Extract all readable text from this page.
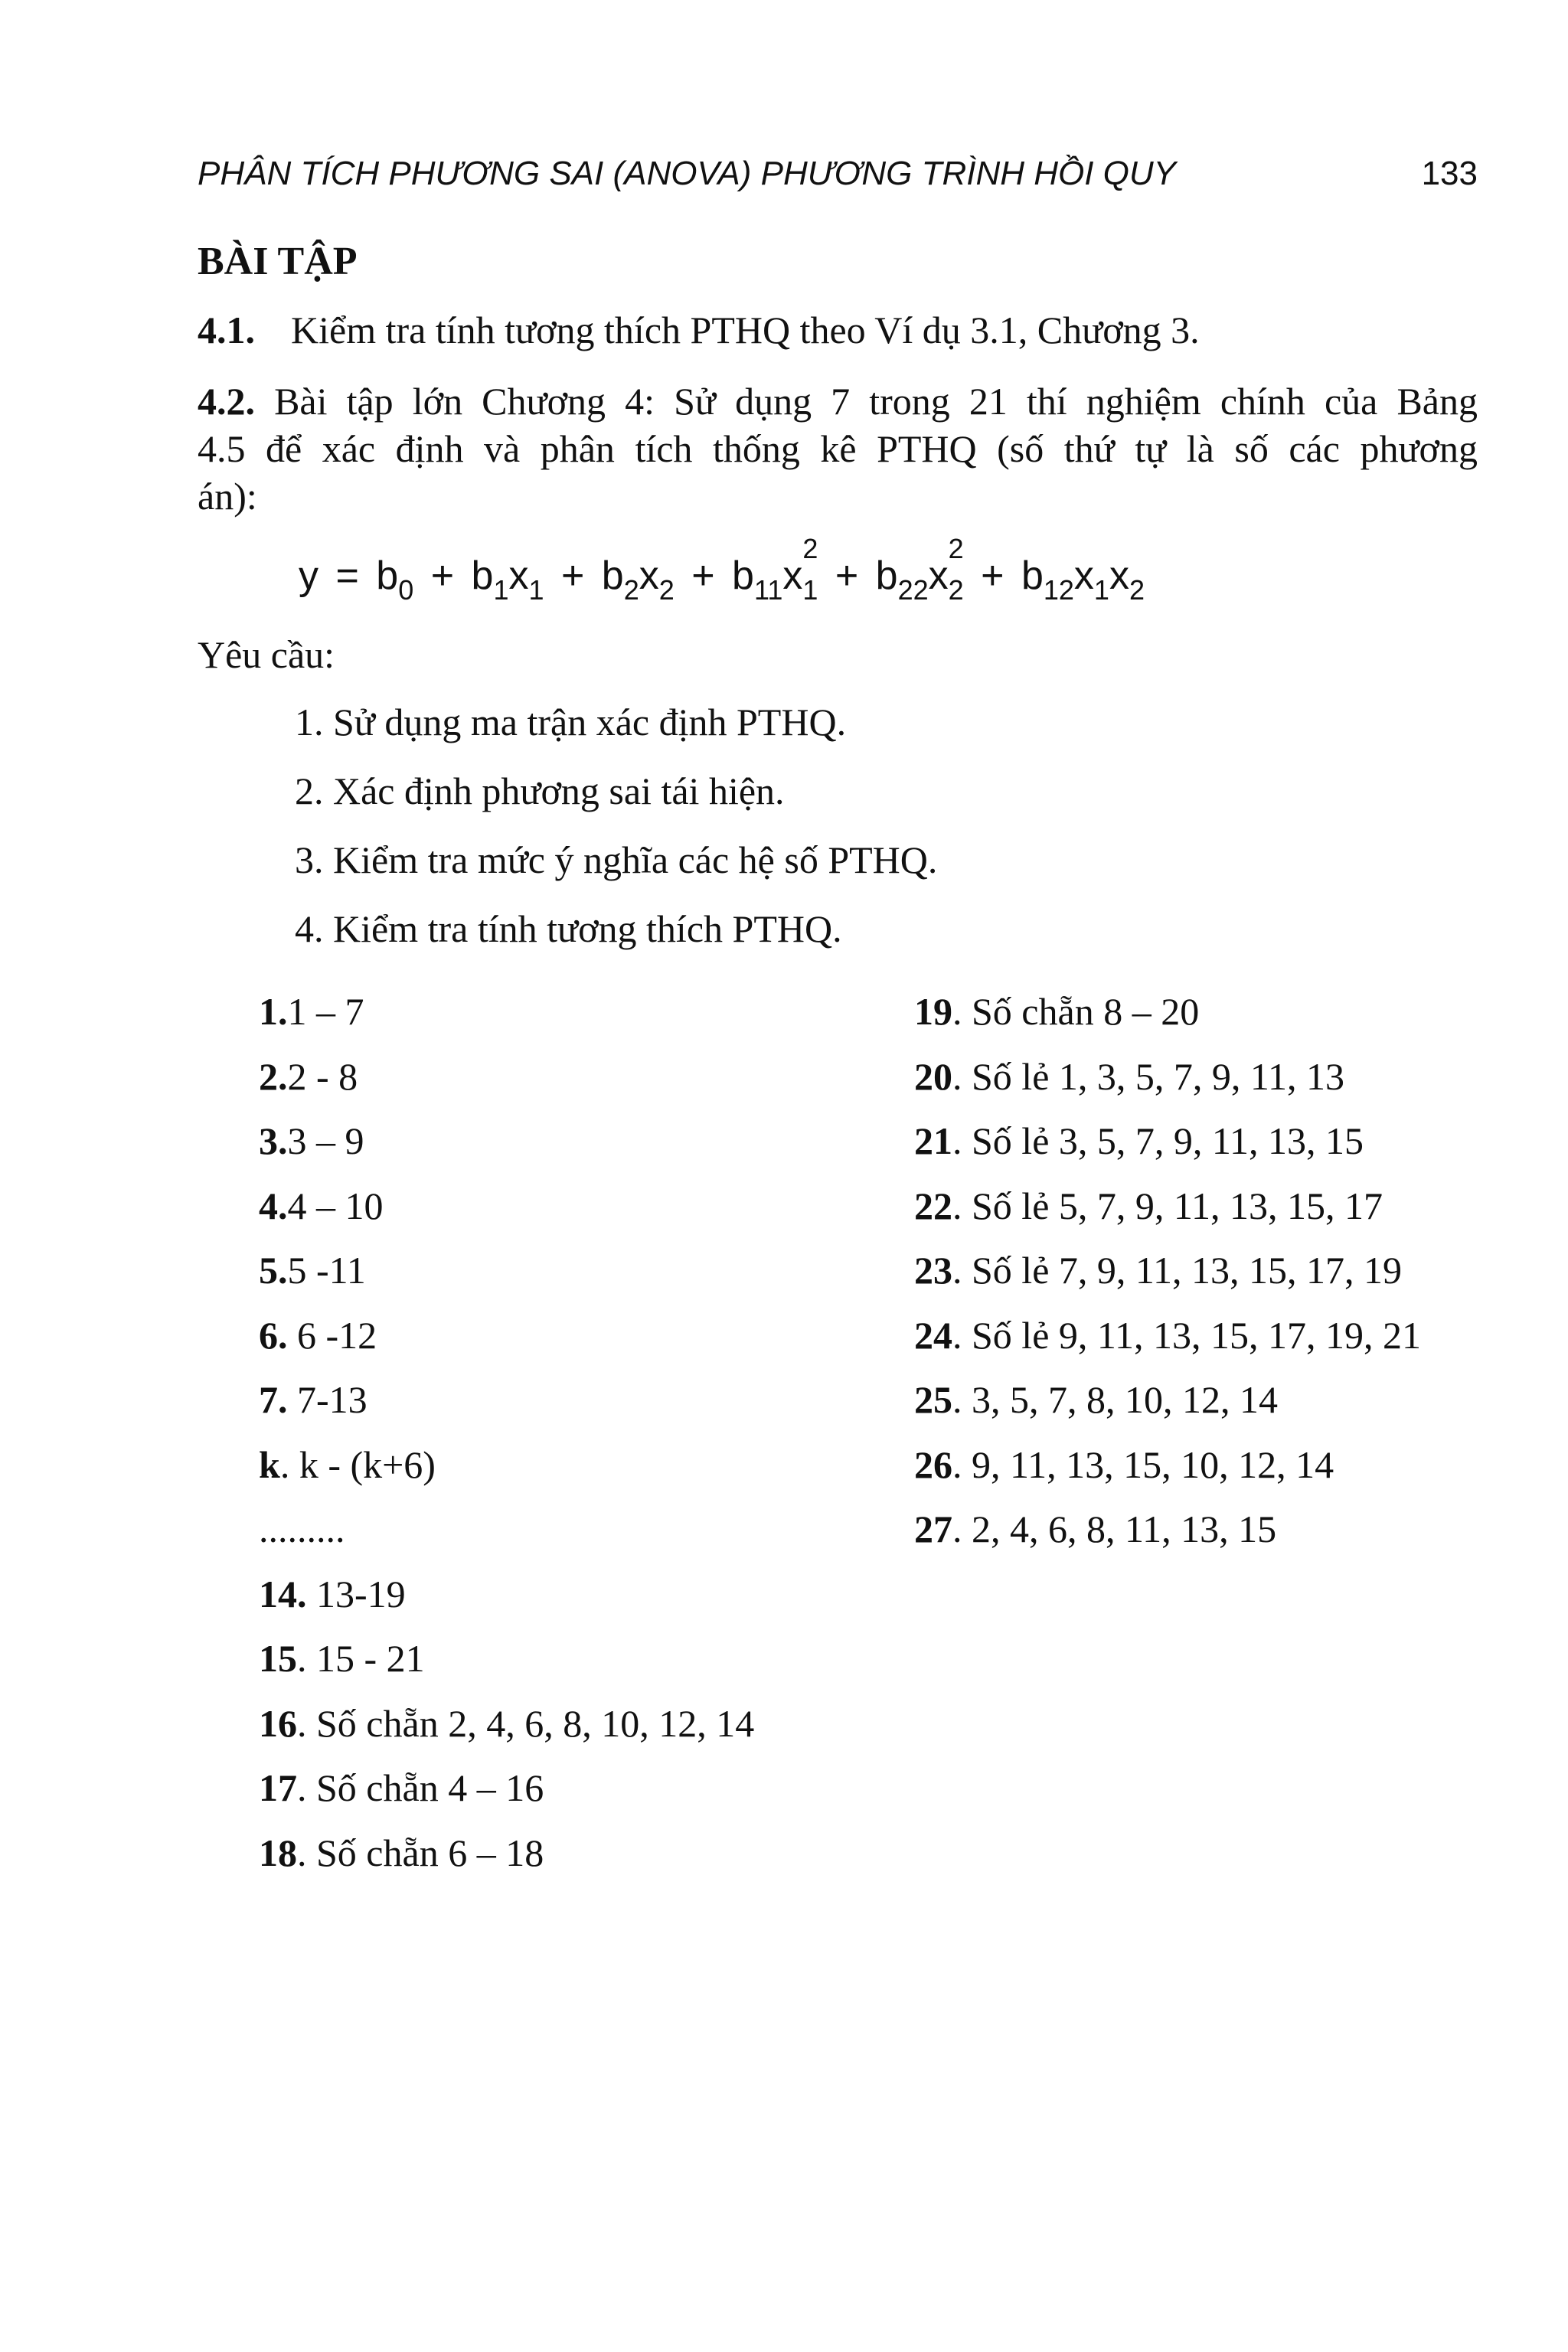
PHÂN TÍCH PHƯƠNG SAI (ANOVA) PHƯƠNG TRÌNH HỒI QUY	133
BÀI TẬP
4.1. Kiểm tra tính tương thích PTHQ theo Ví dụ 3.1, Chương 3.
4.2. Bài tập lớn Chương 4: Sử dụng 7 trong 21 thí nghiệm chính của Bảng
4.5 để xác định và phân tích thống kê PTHQ (số thứ tự là số các phương
án):
$y = b_0 + b_1x_1 + b_2x_2 + b_{11}x$
2
$_1 + b_{22}x$
2
$_2 + b_{12}x_1x_2$
Yêu cầu:
1. Sử dụng ma trận xác định PTHQ.
2. Xác định phương sai tái hiện.
3. Kiểm tra mức ý nghĩa các hệ số PTHQ.
4. Kiểm tra tính tương thích PTHQ.
1.1 – 7
2.2 - 8
3.3 – 9
4.4 – 10
5.5 -11
6. 6 -12
7. 7-13
k. k - (k+6)
.........
14. 13-19
15. 15 - 21
16. Số chẵn 2, 4, 6, 8, 10, 12, 14
17. Số chẵn 4 – 16
18. Số chẵn 6 – 18
19. Số chẵn 8 – 20
20. Số lẻ 1, 3, 5, 7, 9, 11, 13
21. Số lẻ 3, 5, 7, 9, 11, 13, 15
22. Số lẻ 5, 7, 9, 11, 13, 15, 17
23. Số lẻ 7, 9, 11, 13, 15, 17, 19
24. Số lẻ 9, 11, 13, 15, 17, 19, 21
25. 3, 5, 7, 8, 10, 12, 14
26. 9, 11, 13, 15, 10, 12, 14
27. 2, 4, 6, 8, 11, 13, 15
